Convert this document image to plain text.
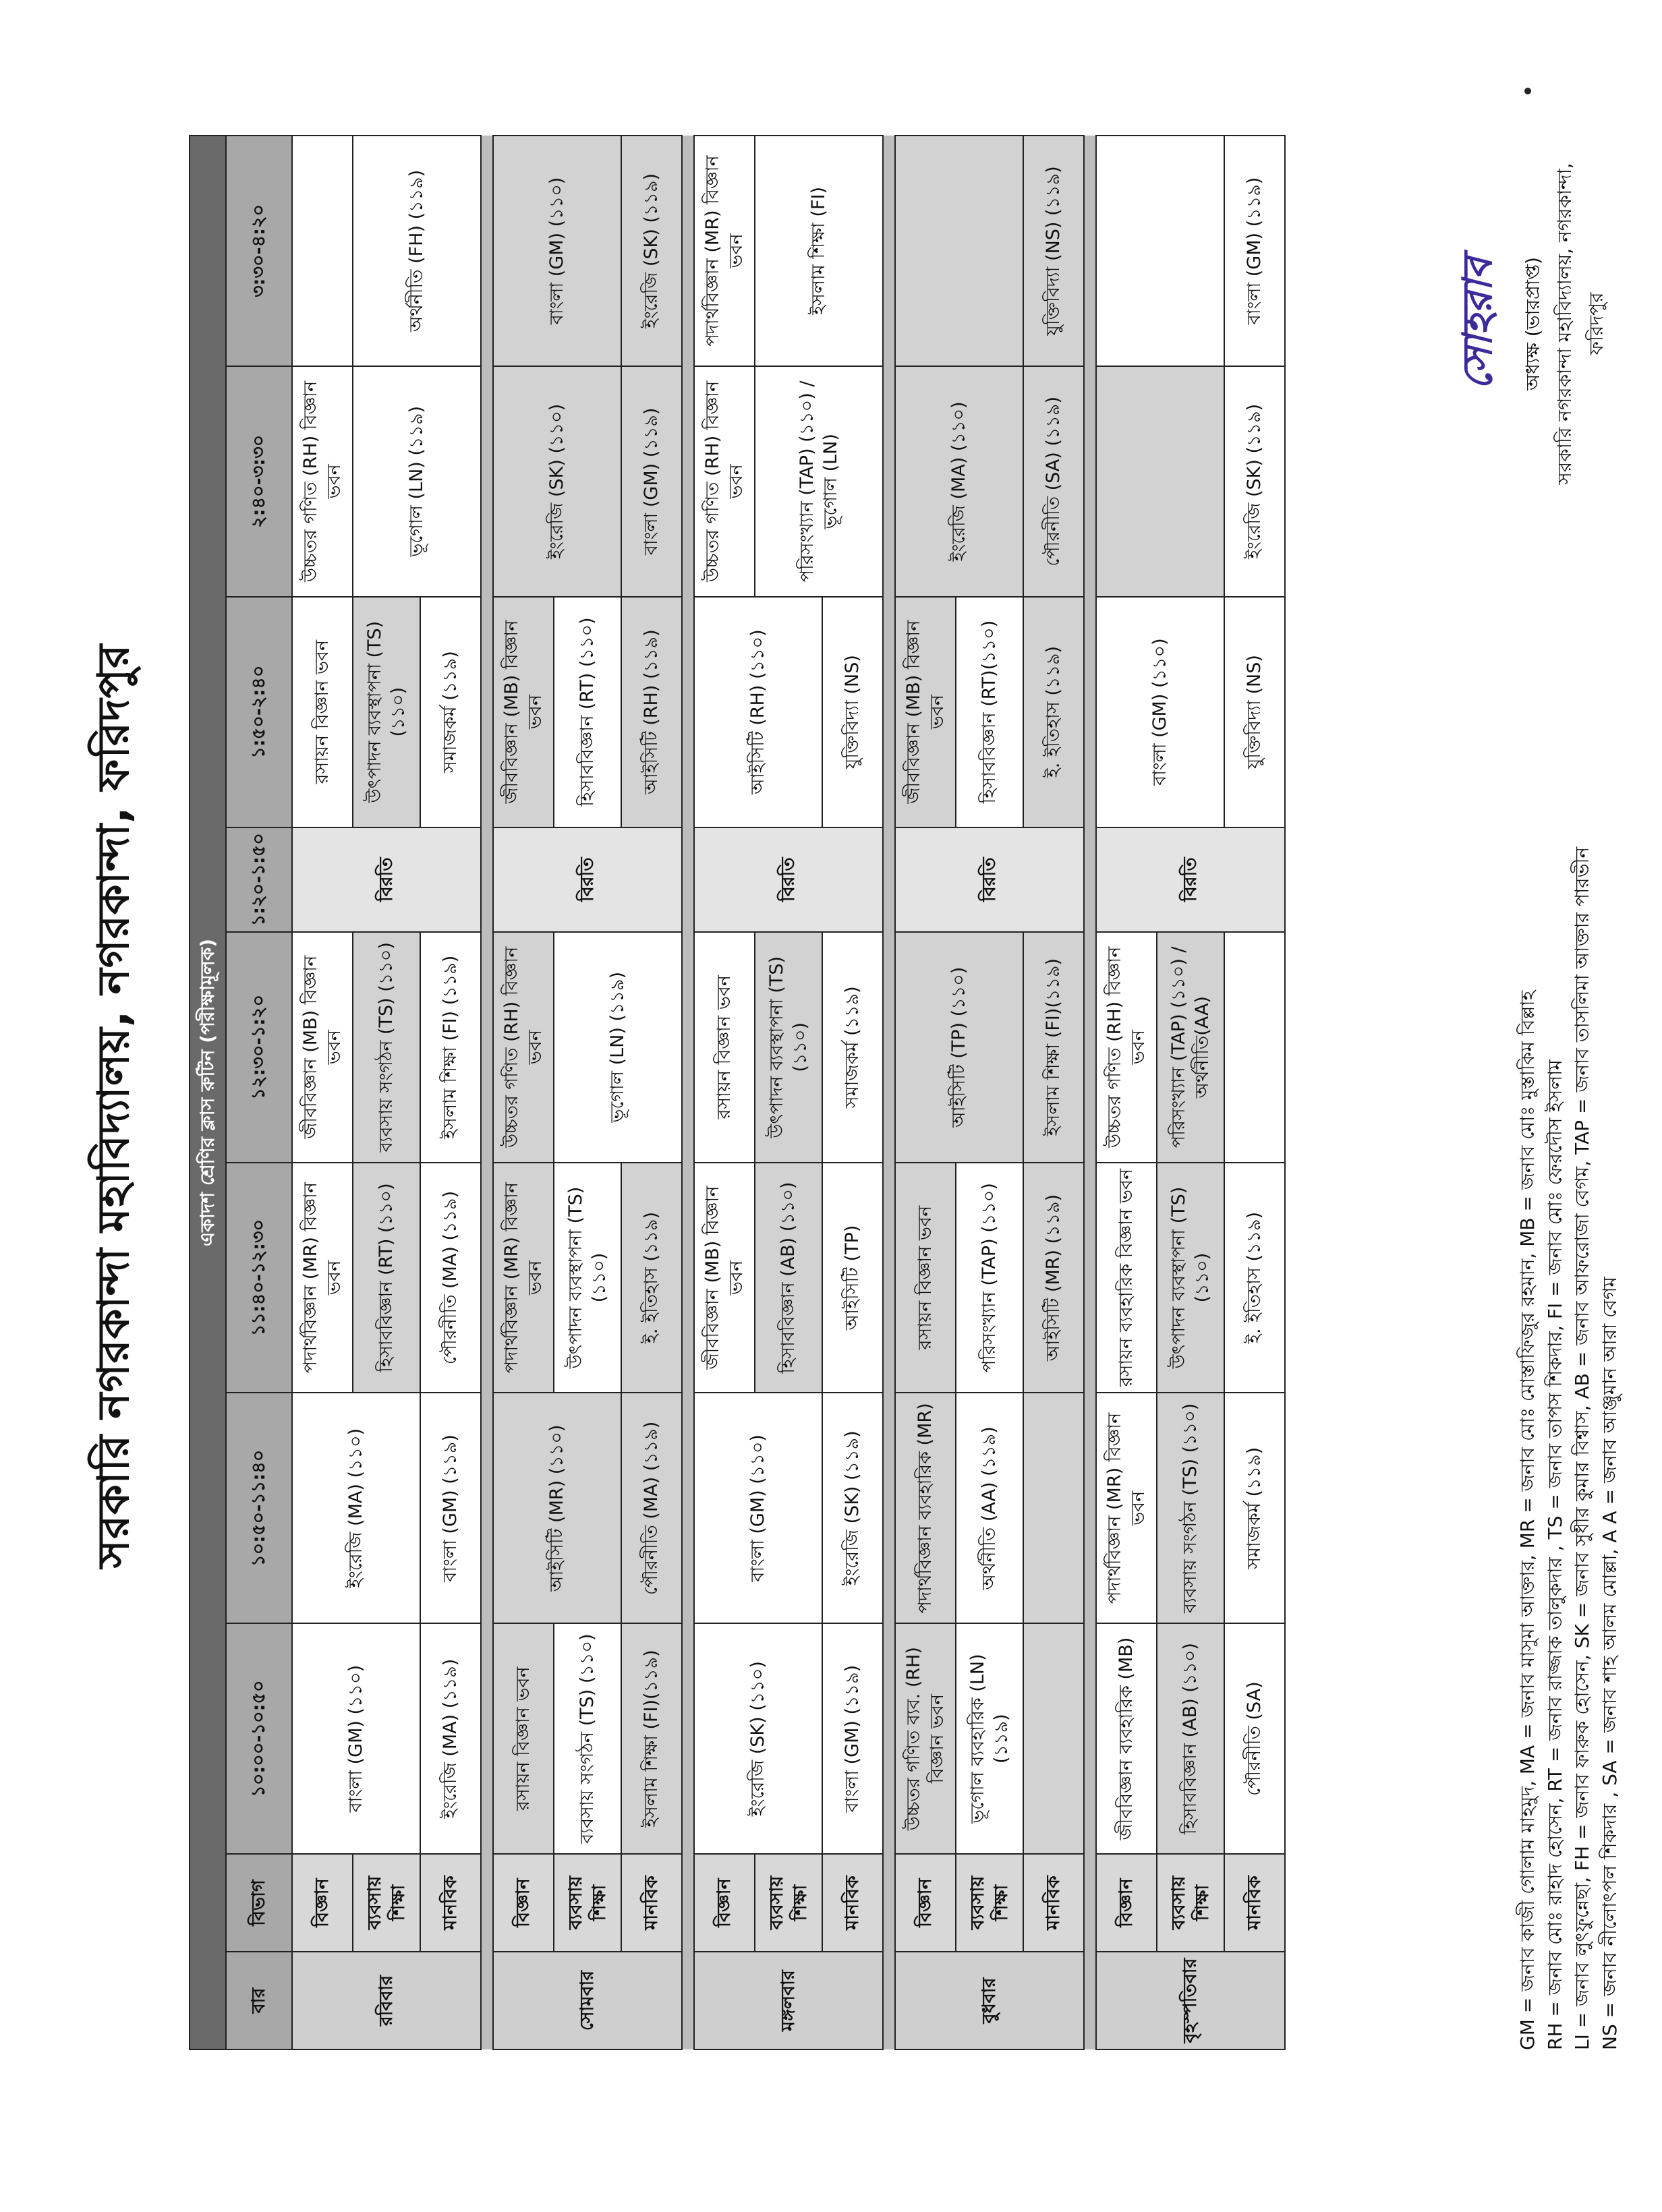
সরকারি নগরকান্দা মহাবিদ্যালয়, নগরকান্দা, ফরিদপুর	একাদশ শ্রেণির ক্লাস রুটিন (পরীক্ষামূলক)									
বার	বিভাগ	১০:০০-১০:৫০	১০:৫০-১১:৪০	১১:৪০-১২:৩০	১২:৩০-১:২০	১:২০-১:৫০	১:৫০-২:৪০	২:৪০-৩:৩০	৩:৩০-৪:২০
রবিবার	বিজ্ঞান	বাংলা (GM) (১১০)	ইংরেজি (MA) (১১০)	পদার্থবিজ্ঞান (MR) বিজ্ঞান ভবন	জীববিজ্ঞান (MB) বিজ্ঞান ভবন	বিরতি	রসায়ন বিজ্ঞান ভবন	উচ্চতর গণিত (RH) বিজ্ঞান ভবন	
	ব্যবসায় শিক্ষা			হিসাববিজ্ঞান (RT) (১১০)	ব্যবসায় সংগঠন (TS) (১১০)		উৎপাদন ব্যবস্থাপনা (TS) (১১০)	ভূগোল (LN) (১১৯)	অর্থনীতি (FH) (১১৯)
	মানবিক	ইংরেজি (MA) (১১৯)	বাংলা (GM) (১১৯)	পৌরনীতি (MA) (১১৯)	ইসলাম শিক্ষা (FI) (১১৯)		সমাজকর্ম (১১৯)		

সোমবার	বিজ্ঞান	রসায়ন বিজ্ঞান ভবন	আইসিটি (MR) (১১০)	পদার্থবিজ্ঞান (MR) বিজ্ঞান ভবন	উচ্চতর গণিত (RH) বিজ্ঞান ভবন	বিরতি	জীববিজ্ঞান (MB) বিজ্ঞান ভবন	ইংরেজি (SK) (১১০)	বাংলা (GM) (১১০)
	ব্যবসায় শিক্ষা	ব্যবসায় সংগঠন (TS) (১১০)		উৎপাদন ব্যবস্থাপনা (TS) (১১০)	ভূগোল (LN) (১১৯)		হিসাববিজ্ঞান (RT) (১১০)		
	মানবিক	ইসলাম শিক্ষা (FI)(১১৯)	পৌরনীতি (MA) (১১৯)	ই. ইতিহাস (১১৯)			আইসিটি (RH) (১১৯)	বাংলা (GM) (১১৯)	ইংরেজি (SK) (১১৯)

মঙ্গলবার	বিজ্ঞান	ইংরেজি (SK) (১১০)	বাংলা (GM) (১১০)	জীববিজ্ঞান (MB) বিজ্ঞান ভবন	রসায়ন বিজ্ঞান ভবন	বিরতি	আইসিটি (RH) (১১০)	উচ্চতর গণিত (RH) বিজ্ঞান ভবন	পদার্থবিজ্ঞান (MR) বিজ্ঞান ভবন
	ব্যবসায় শিক্ষা			হিসাববিজ্ঞান (AB) (১১০)	উৎপাদন ব্যবস্থাপনা (TS) (১১০)			পরিসংখ্যান (TAP) (১১০) / ভূগোল (LN)	ইসলাম শিক্ষা (FI)
	মানবিক	বাংলা (GM) (১১৯)	ইংরেজি (SK) (১১৯)	আইসিটি (TP)	সমাজকর্ম (১১৯)		যুক্তিবিদ্যা (NS)		

বুধবার	বিজ্ঞান	উচ্চতর গণিত ব্যব. (RH) বিজ্ঞান ভবন	পদার্থবিজ্ঞান ব্যবহারিক (MR)	রসায়ন বিজ্ঞান ভবন	আইসিটি (TP) (১১০)	বিরতি	জীববিজ্ঞান (MB) বিজ্ঞান ভবন	ইংরেজি (MA) (১১০)	
	ব্যবসায় শিক্ষা	ভূগোল ব্যবহারিক (LN) (১১৯)	অর্থনীতি (AA) (১১৯)	পরিসংখ্যান (TAP) (১১০)			হিসাববিজ্ঞান (RT)(১১০)		
	মানবিক			আইসিটি (MR) (১১৯)	ইসলাম শিক্ষা (FI)(১১৯)		ই. ইতিহাস (১১৯)	পৌরনীতি (SA) (১১৯)	যুক্তিবিদ্যা (NS) (১১৯)

বৃহস্পতিবার	বিজ্ঞান	জীববিজ্ঞান ব্যবহারিক (MB)	পদার্থবিজ্ঞান (MR) বিজ্ঞান ভবন	রসায়ন ব্যবহারিক বিজ্ঞান ভবন	উচ্চতর গণিত (RH) বিজ্ঞান ভবন	বিরতি	বাংলা (GM) (১১০)		
	ব্যবসায় শিক্ষা	হিসাববিজ্ঞান (AB) (১১০)	ব্যবসায় সংগঠন (TS) (১১০)	উৎপাদন ব্যবস্থাপনা (TS) (১১০)	পরিসংখ্যান (TAP) (১১০) / অর্থনীতি(AA)				
	মানবিক	পৌরনীতি (SA)	সমাজকর্ম (১১৯)	ই. ইতিহাস (১১৯)			যুক্তিবিদ্যা (NS)	ইংরেজি (SK) (১১৯)	বাংলা (GM) (১১৯)
GM = জনাব কাজী গোলাম মাহমুদ, MA = জনাব মাসুমা আক্তার, MR = জনাব মোঃ মোস্তাফিজুর রহমান, MB = জনাব মোঃ মুস্তাকিম বিল্লাহ RH = জনাব মোঃ রাহাদ হোসেন, RT = জনাব রাজ্জাক তালুকদার , TS = জনাব তাপস শিকদার, FI = জনাব মোঃ ফেরদৌস ইসলাম LI = জনাব লুৎফুন্নেছা, FH = জনাব ফারুক হোসেন, SK = জনাব সুধীর কুমার বিশ্বাস, AB = জনাব আফরোজা বেগম, TAP = জনাব তাসলিমা আক্তার পারভীন NS = জনাব নীলোৎপল শিকদার , SA = জনাব শাহ আলম মোল্লা, A A = জনাব আঞ্জুমান আরা বেগম
সোহরাব	অধ্যক্ষ (ভারপ্রাপ্ত) সরকারি নগরকান্দা মহাবিদ্যালয়, নগরকান্দা, ফরিদপুর
